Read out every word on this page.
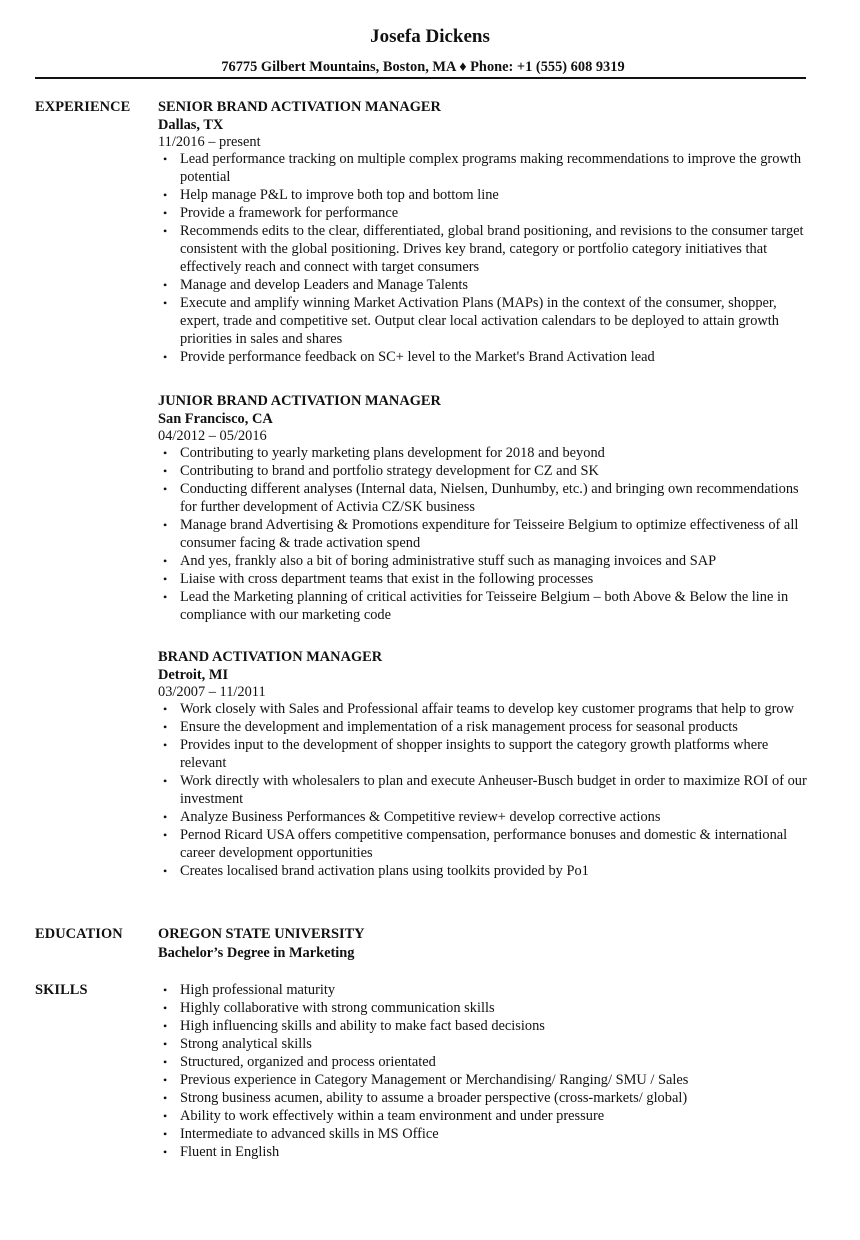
Josefa Dickens
76775 Gilbert Mountains, Boston, MA ♦ Phone: +1 (555) 608 9319
EXPERIENCE SENIOR BRAND ACTIVATION MANAGER
Dallas, TX
11/2016 – present
• Lead performance tracking on multiple complex programs making recommendations to improve the growth potential
• Help manage P&L to improve both top and bottom line
• Provide a framework for performance
• Recommends edits to the clear, differentiated, global brand positioning, and revisions to the consumer target consistent with the global positioning. Drives key brand, category or portfolio category initiatives that effectively reach and connect with target consumers
• Manage and develop Leaders and Manage Talents
• Execute and amplify winning Market Activation Plans (MAPs) in the context of the consumer, shopper, expert, trade and competitive set. Output clear local activation calendars to be deployed to attain growth priorities in sales and shares
• Provide performance feedback on SC+ level to the Market's Brand Activation lead
JUNIOR BRAND ACTIVATION MANAGER
San Francisco, CA
04/2012 – 05/2016
• Contributing to yearly marketing plans development for 2018 and beyond
• Contributing to brand and portfolio strategy development for CZ and SK
• Conducting different analyses (Internal data, Nielsen, Dunhumby, etc.) and bringing own recommendations for further development of Activia CZ/SK business
• Manage brand Advertising & Promotions expenditure for Teisseire Belgium to optimize effectiveness of all consumer facing & trade activation spend
• And yes, frankly also a bit of boring administrative stuff such as managing invoices and SAP
• Liaise with cross department teams that exist in the following processes
• Lead the Marketing planning of critical activities for Teisseire Belgium – both Above & Below the line in compliance with our marketing code
BRAND ACTIVATION MANAGER
Detroit, MI
03/2007 – 11/2011
• Work closely with Sales and Professional affair teams to develop key customer programs that help to grow
• Ensure the development and implementation of a risk management process for seasonal products
• Provides input to the development of shopper insights to support the category growth platforms where relevant
• Work directly with wholesalers to plan and execute Anheuser-Busch budget in order to maximize ROI of our investment
• Analyze Business Performances & Competitive review+ develop corrective actions
• Pernod Ricard USA offers competitive compensation, performance bonuses and domestic & international career development opportunities
• Creates localised brand activation plans using toolkits provided by Po1
EDUCATION OREGON STATE UNIVERSITY
Bachelor’s Degree in Marketing
SKILLS	• High professional maturity
• Highly collaborative with strong communication skills
• High influencing skills and ability to make fact based decisions
• Strong analytical skills
• Structured, organized and process orientated
• Previous experience in Category Management or Merchandising/ Ranging/ SMU / Sales
• Strong business acumen, ability to assume a broader perspective (cross-markets/ global)
• Ability to work effectively within a team environment and under pressure
• Intermediate to advanced skills in MS Office
• Fluent in English
